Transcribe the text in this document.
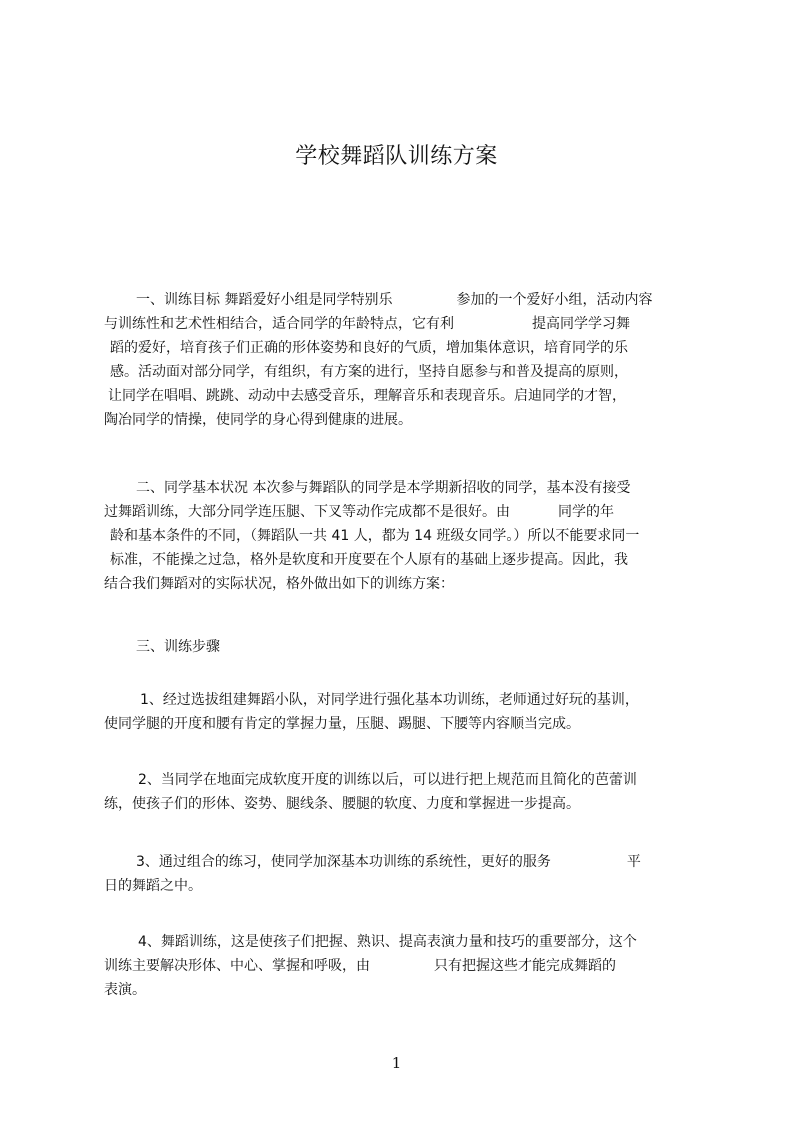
学校舞蹈队训练方案
一、训练目标 舞蹈爱好小组是同学特别乐	参加的一个爱好小组，活动内容
与训练性和艺术性相结合，适合同学的年龄特点，它有利	提高同学学习舞
蹈的爱好，培育孩子们正确的形体姿势和良好的气质，增加集体意识，培育同学的乐
感。活动面对部分同学，有组织，有方案的进行，坚持自愿参与和普及提高的原则，
让同学在唱唱、跳跳、动动中去感受音乐，理解音乐和表现音乐。启迪同学的才智，
陶冶同学的情操，使同学的身心得到健康的进展。
二、同学基本状况 本次参与舞蹈队的同学是本学期新招收的同学，基本没有接受
过舞蹈训练，大部分同学连压腿、下叉等动作完成都不是很好。由	同学的年
龄和基本条件的不同，（舞蹈队一共 41 人，都为 14 班级女同学。）所以不能要求同一
标准，不能操之过急，格外是软度和开度要在个人原有的基础上逐步提高。因此，我
结合我们舞蹈对的实际状况，格外做出如下的训练方案：
三、训练步骤
1、经过选拔组建舞蹈小队，对同学进行强化基本功训练，老师通过好玩的基训，
使同学腿的开度和腰有肯定的掌握力量，压腿、踢腿、下腰等内容顺当完成。
2、当同学在地面完成软度开度的训练以后，可以进行把上规范而且简化的芭蕾训
练，使孩子们的形体、姿势、腿线条、腰腿的软度、力度和掌握进一步提高。
3、通过组合的练习，使同学加深基本功训练的系统性，更好的服务	平
日的舞蹈之中。
4、舞蹈训练，这是使孩子们把握、熟识、提高表演力量和技巧的重要部分，这个
训练主要解决形体、中心、掌握和呼吸，由	只有把握这些才能完成舞蹈的
表演。
1
